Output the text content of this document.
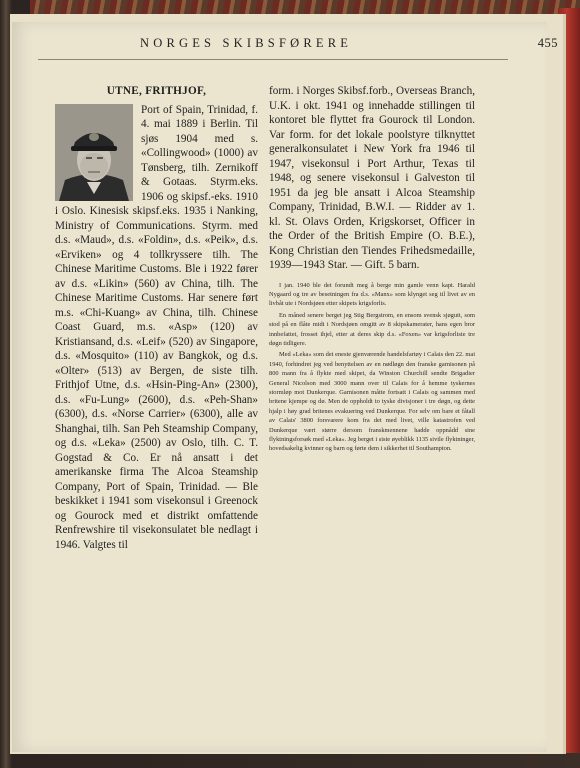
NORGES SKIBSFØRERE	455
UTNE, FRITHJOF,

Port of Spain, Trinidad, f. 4. mai 1889 i Berlin. Til sjøs 1904 med s. «Collingwood» (1000) av Tønsberg, tilh. Zernikoff & Gotaas. Styrm.eks. 1906 og skipsf.-eks. 1910 i Oslo. Kinesisk skipsf.eks. 1935 i Nanking, Ministry of Communications. Styrm. med d.s. «Maud», d.s. «Foldin», d.s. «Peik», d.s. «Erviken» og 4 tollkryssere tilh. The Chinese Maritime Customs. Ble i 1922 fører av d.s. «Likin» (560) av China, tilh. The Chinese Maritime Customs. Har senere ført m.s. «Chi-Kuang» av China, tilh. Chinese Coast Guard, m.s. «Asp» (120) av Kristiansand, d.s. «Leif» (520) av Singapore, d.s. «Mosquito» (110) av Bangkok, og d.s. «Olter» (513) av Bergen, de siste tilh. Frithjof Utne, d.s. «Hsin-Ping-An» (2300), d.s. «Fu-Lung» (2600), d.s. «Peh-Shan» (6300), d.s. «Norse Carrier» (6300), alle av Shanghai, tilh. San Peh Steamship Company, og d.s. «Leka» (2500) av Oslo, tilh. C. T. Gogstad & Co. Er nå ansatt i det amerikanske firma The Alcoa Steamship Company, Port of Spain, Trinidad. — Ble beskikket i 1941 som visekonsul i Greenock og Gourock med et distrikt omfattende Renfrewshire til visekonsulatet ble nedlagt i 1946. Valgtes til

form. i Norges Skibsf.forb., Overseas Branch, U.K. i okt. 1941 og innehadde stillingen til kontoret ble flyttet fra Gourock til London. Var form. for det lokale poolstyre tilknyttet generalkonsulatet i New York fra 1946 til 1947, visekonsul i Port Arthur, Texas til 1948, og senere visekonsul i Galveston til 1951 da jeg ble ansatt i Alcoa Steamship Company, Trinidad, B.W.I. — Ridder av 1. kl. St. Olavs Orden, Krigskorset, Officer in the Order of the British Empire (O. B.E.), Kong Christian den Tiendes Frihedsmedaille, 1939—1943 Star. — Gift. 5 barn.

I jan. 1940 ble det forundt meg å berge min gamle venn kapt. Harald Nygaard og tre av besetningen fra d.s. «Manx» som klynget seg til livet av en livbåt ute i Nordsjøen etter skipets krigsforlis.

En måned senere berget jeg Stig Bergstrom, en ensom svensk sjøgutt, som stod på en flåte midt i Nordsjøen omgitt av 8 skipskamerater, hans egen bror innbefattet, frosset ihjel, etter at deres skip d.s. «Foxen» var krigsforliste tre døgn tidligere.

Med «Leka» som det eneste gjenværende handelsfartøy i Calais den 22. mai 1940, forhindret jeg ved benyttelsen av en nødløgn den franske garnisonen på 800 mann fra å flykte med skipet, da Winston Churchill sendte Brigadier General Nicolson med 3000 mann over til Calais for å hemme tyskernes stormløp mot Dunkerque. Garnisonen måtte fortsatt i Calais og sammen med britene kjempe og dø. Men de oppholdt to tyske divisjoner i tre døgn, og dette hjalp i høy grad britenes evakuering ved Dunkerque. For selv om bare et fåtall av Calais' 3800 forsvarere kom fra det med livet, ville katastrofen ved Dunkerque vært større dersom franskmennene hadde oppnådd sine flyktningsforsøk med «Leka». Jeg berget i siste øyeblikk 1135 sivile flyktninger, hovedsakelig kvinner og barn og førte dem i sikkerhet til Southampton.
